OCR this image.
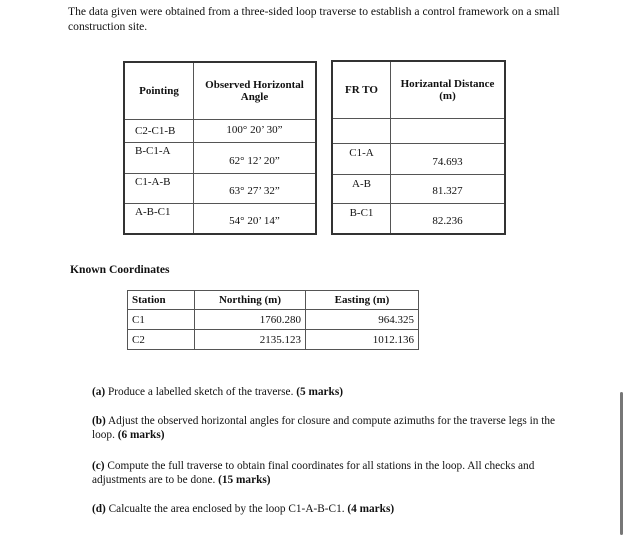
The data given were obtained from a three-sided loop traverse to establish a control framework on a small construction site.
Pointing	Observed Horizontal Angle
C2-C1-B	100° 20’ 30”
B-C1-A	62° 12’ 20”
C1-A-B	63° 27’ 32”
A-B-C1	54° 20’ 14”
FR TO	Horizantal Distance (m)

C1-A	74.693
A-B	81.327
B-C1	82.236
Known Coordinates
Station	Northing (m)	Easting (m)
C1	1760.280	964.325
C2	2135.123	1012.136
(a) Produce a labelled sketch of the traverse. (5 marks)
(b) Adjust the observed horizontal angles for closure and compute azimuths for the traverse legs in the loop. (6 marks)
(c) Compute the full traverse to obtain final coordinates for all stations in the loop. All checks and adjustments are to be done. (15 marks)
(d) Calcualte the area enclosed by the loop C1-A-B-C1. (4 marks)
